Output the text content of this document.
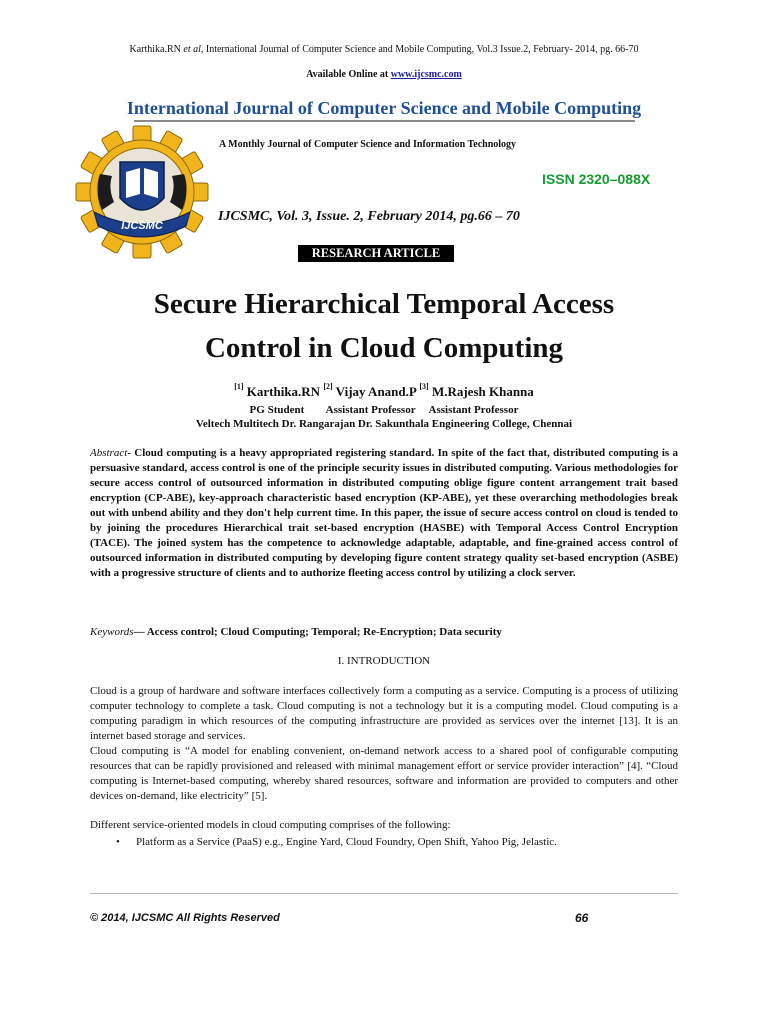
Karthika.RN et al, International Journal of Computer Science and Mobile Computing, Vol.3 Issue.2, February- 2014, pg. 66-70
Available Online at www.ijcsmc.com
International Journal of Computer Science and Mobile Computing
IJCSMC
A Monthly Journal of Computer Science and Information Technology
ISSN 2320–088X
IJCSMC, Vol. 3, Issue. 2, February 2014, pg.66 – 70
RESEARCH ARTICLE
Secure Hierarchical Temporal Access
Control in Cloud Computing
[1] Karthika.RN [2] Vijay Anand.P [3] M.Rajesh Khanna
PG Student        Assistant Professor     Assistant Professor
Veltech Multitech Dr. Rangarajan Dr. Sakunthala Engineering College, Chennai
Abstract- Cloud computing is a heavy appropriated registering standard. In spite of the fact that, distributed computing is a persuasive standard, access control is one of the principle security issues in distributed computing. Various methodologies for secure access control of outsourced information in distributed computing oblige figure content arrangement trait based encryption (CP-ABE), key-approach characteristic based encryption (KP-ABE), yet these overarching methodologies break out with unbend ability and they don't help current time. In this paper, the issue of secure access control on cloud is tended to by joining the procedures Hierarchical trait set-based encryption (HASBE) with Temporal Access Control Encryption (TACE). The joined system has the competence to acknowledge adaptable, adaptable, and fine-grained access control of outsourced information in distributed computing by developing figure content strategy quality set-based encryption (ASBE) with a progressive structure of clients and to authorize fleeting access control by utilizing a clock server.
Keywords— Access control; Cloud Computing; Temporal; Re-Encryption; Data security
I. INTRODUCTION
Cloud is a group of hardware and software interfaces collectively form a computing as a service. Computing is a process of utilizing computer technology to complete a task. Cloud computing is not a technology but it is a computing model. Cloud computing is a computing paradigm in which resources of the computing infrastructure are provided as services over the internet [13]. It is an internet based storage and services.
Cloud computing is “A model for enabling convenient, on-demand network access to a shared pool of configurable computing resources that can be rapidly provisioned and released with minimal management effort or service provider interaction” [4]. “Cloud computing is Internet-based computing, whereby shared resources, software and information are provided to computers and other devices on-demand, like electricity” [5].
Different service-oriented models in cloud computing comprises of the following:
• Platform as a Service (PaaS) e.g., Engine Yard, Cloud Foundry, Open Shift, Yahoo Pig, Jelastic.
© 2014, IJCSMC All Rights Reserved	66
